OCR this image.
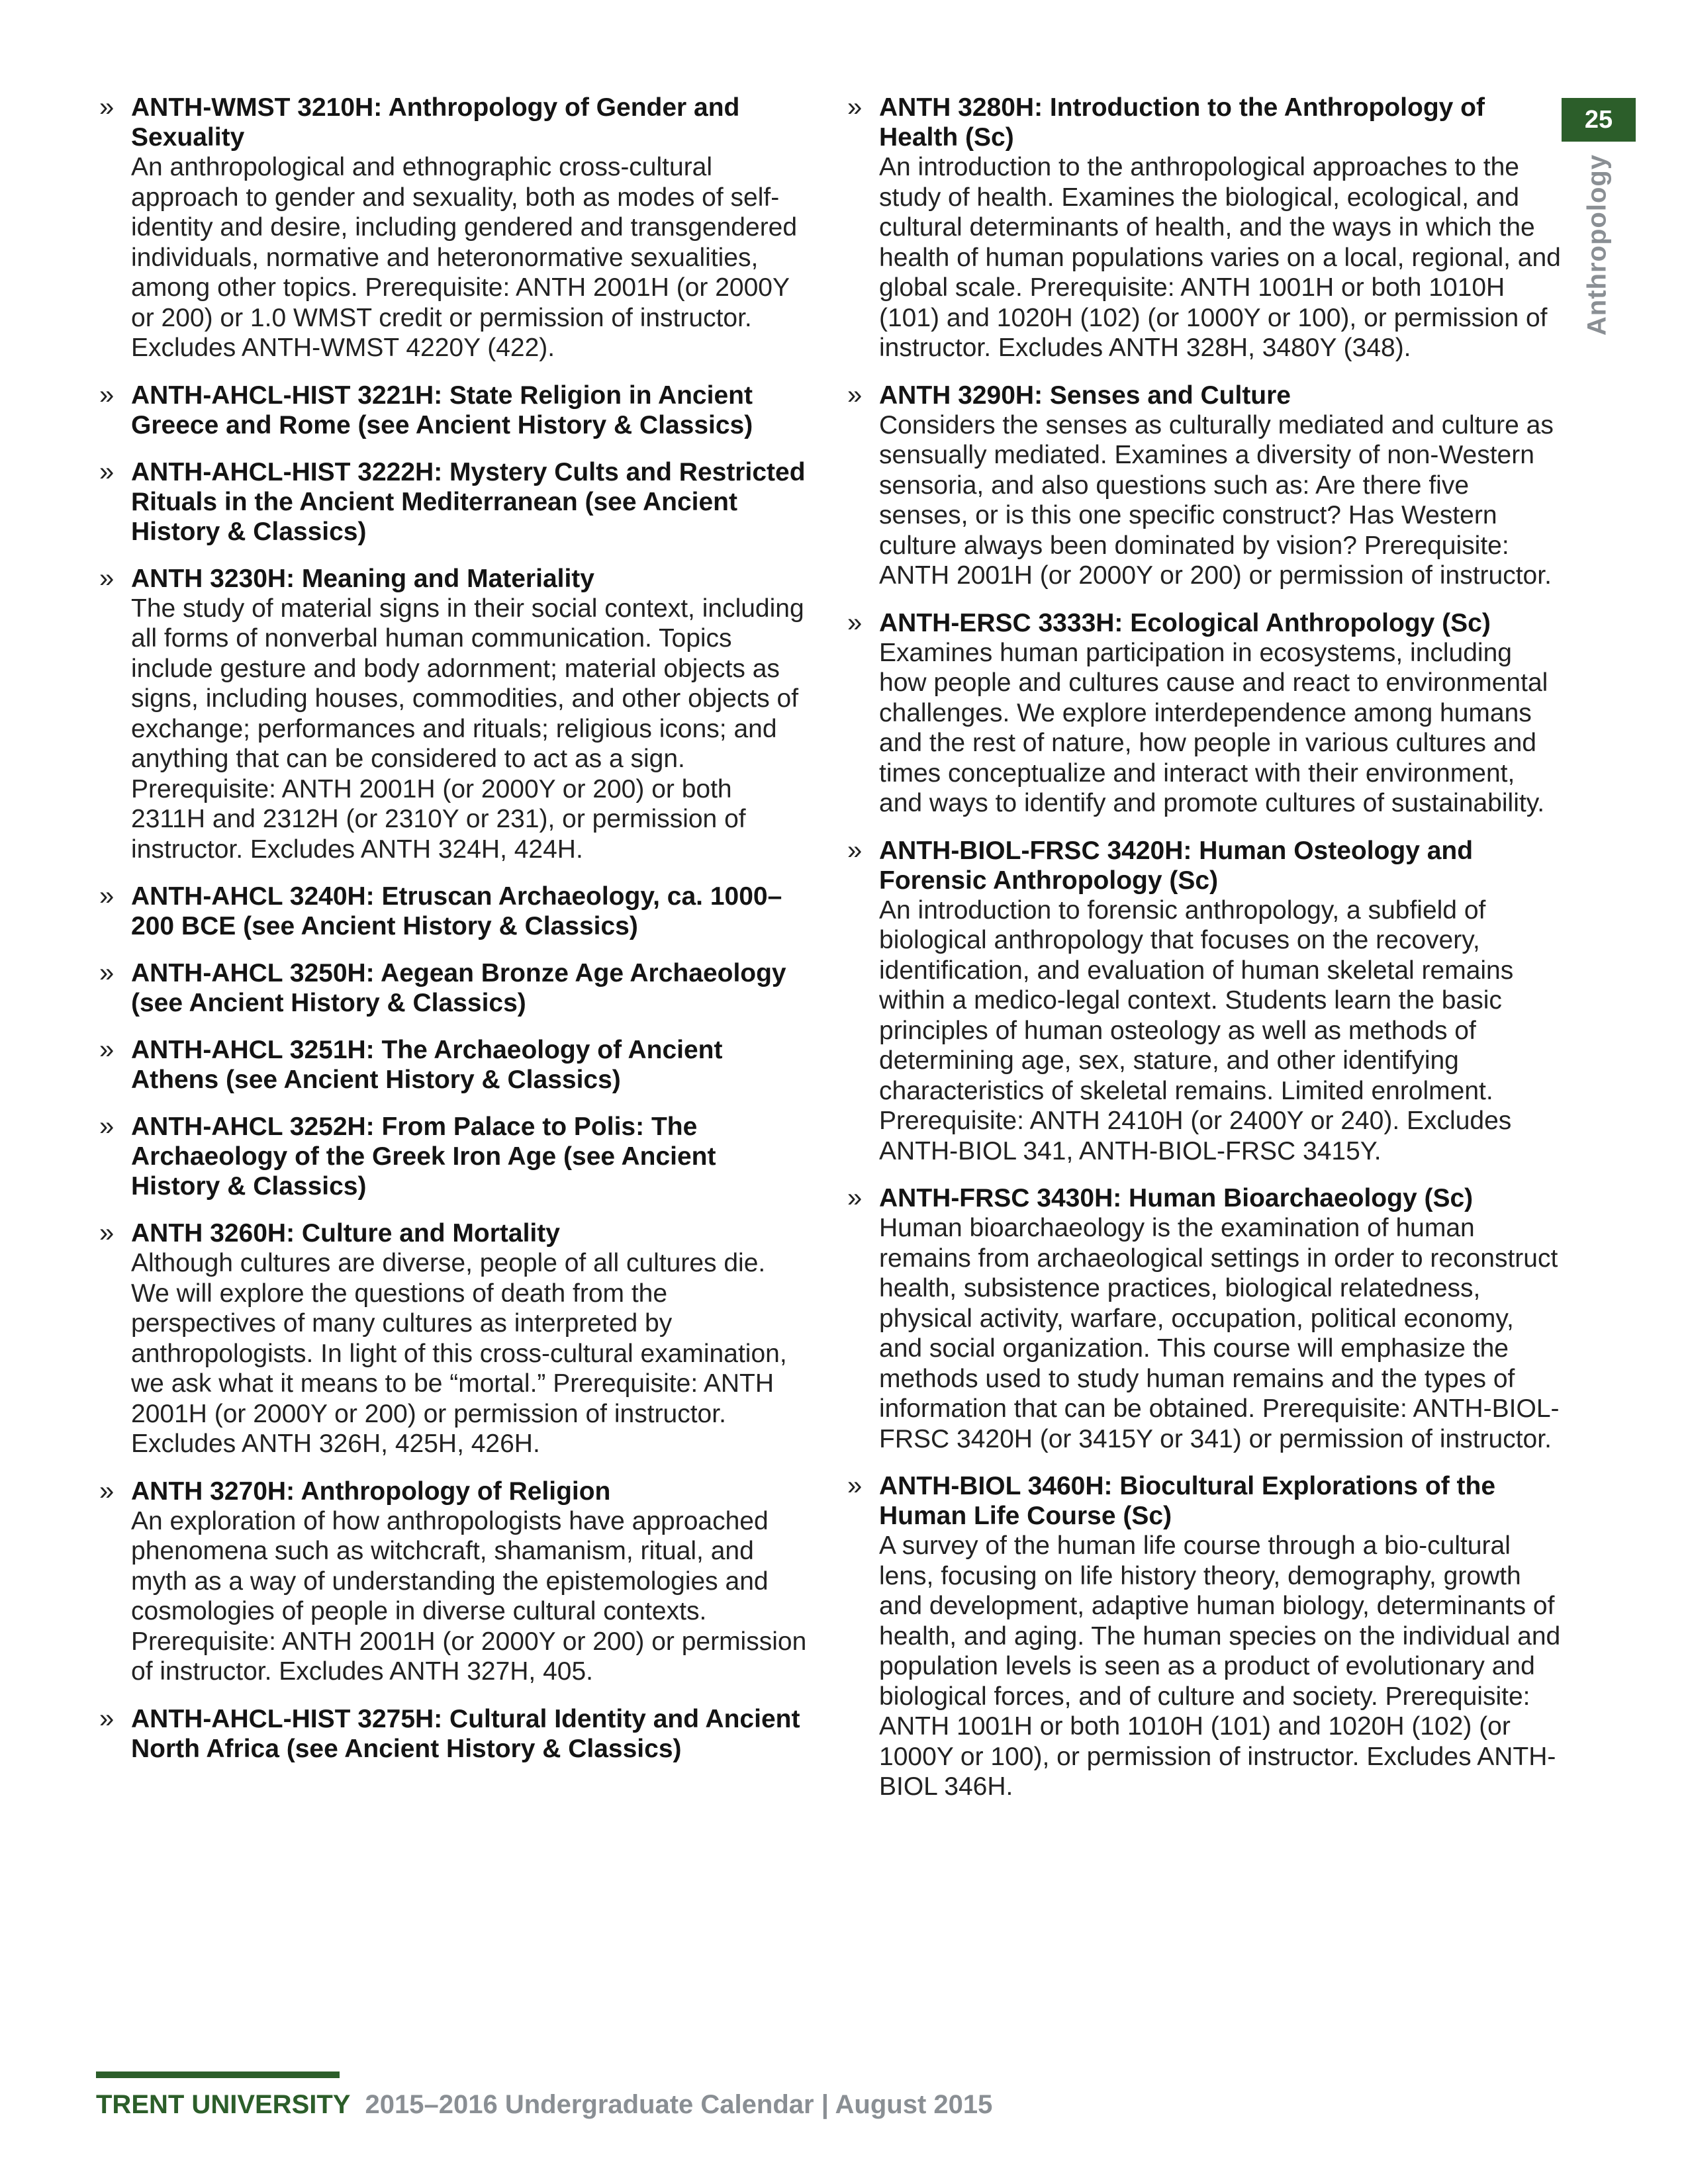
» ANTH-WMST 3210H: Anthropology of Gender and Sexuality
An anthropological and ethnographic cross-cultural approach to gender and sexuality, both as modes of self-identity and desire, including gendered and transgendered individuals, normative and heteronormative sexualities, among other topics. Prerequisite: ANTH 2001H (or 2000Y or 200) or 1.0 WMST credit or permission of instructor. Excludes ANTH-WMST 4220Y (422).
» ANTH-AHCL-HIST 3221H: State Religion in Ancient Greece and Rome (see Ancient History & Classics)
» ANTH-AHCL-HIST 3222H: Mystery Cults and Restricted Rituals in the Ancient Mediterranean (see Ancient History & Classics)
» ANTH 3230H: Meaning and Materiality
The study of material signs in their social context, including all forms of nonverbal human communication. Topics include gesture and body adornment; material objects as signs, including houses, commodities, and other objects of exchange; performances and rituals; religious icons; and anything that can be considered to act as a sign. Prerequisite: ANTH 2001H (or 2000Y or 200) or both 2311H and 2312H (or 2310Y or 231), or permission of instructor. Excludes ANTH 324H, 424H.
» ANTH-AHCL 3240H: Etruscan Archaeology, ca. 1000–200 BCE (see Ancient History & Classics)
» ANTH-AHCL 3250H: Aegean Bronze Age Archaeology (see Ancient History & Classics)
» ANTH-AHCL 3251H: The Archaeology of Ancient Athens (see Ancient History & Classics)
» ANTH-AHCL 3252H: From Palace to Polis: The Archaeology of the Greek Iron Age (see Ancient History & Classics)
» ANTH 3260H: Culture and Mortality
Although cultures are diverse, people of all cultures die. We will explore the questions of death from the perspectives of many cultures as interpreted by anthropologists. In light of this cross-cultural examination, we ask what it means to be “mortal.” Prerequisite: ANTH 2001H (or 2000Y or 200) or permission of instructor. Excludes ANTH 326H, 425H, 426H.
» ANTH 3270H: Anthropology of Religion
An exploration of how anthropologists have approached phenomena such as witchcraft, shamanism, ritual, and myth as a way of understanding the epistemologies and cosmologies of people in diverse cultural contexts. Prerequisite: ANTH 2001H (or 2000Y or 200) or permission of instructor. Excludes ANTH 327H, 405.
» ANTH-AHCL-HIST 3275H: Cultural Identity and Ancient North Africa (see Ancient History & Classics)
» ANTH 3280H: Introduction to the Anthropology of Health (Sc)
An introduction to the anthropological approaches to the study of health. Examines the biological, ecological, and cultural determinants of health, and the ways in which the health of human populations varies on a local, regional, and global scale. Prerequisite: ANTH 1001H or both 1010H (101) and 1020H (102) (or 1000Y or 100), or permission of instructor. Excludes ANTH 328H, 3480Y (348).
» ANTH 3290H: Senses and Culture
Considers the senses as culturally mediated and culture as sensually mediated. Examines a diversity of non-Western sensoria, and also questions such as: Are there five senses, or is this one specific construct? Has Western culture always been dominated by vision? Prerequisite: ANTH 2001H (or 2000Y or 200) or permission of instructor.
» ANTH-ERSC 3333H: Ecological Anthropology (Sc)
Examines human participation in ecosystems, including how people and cultures cause and react to environmental challenges. We explore interdependence among humans and the rest of nature, how people in various cultures and times conceptualize and interact with their environment, and ways to identify and promote cultures of sustainability.
» ANTH-BIOL-FRSC 3420H: Human Osteology and Forensic Anthropology (Sc)
An introduction to forensic anthropology, a subfield of biological anthropology that focuses on the recovery, identification, and evaluation of human skeletal remains within a medico-legal context. Students learn the basic principles of human osteology as well as methods of determining age, sex, stature, and other identifying characteristics of skeletal remains. Limited enrolment. Prerequisite: ANTH 2410H (or 2400Y or 240). Excludes ANTH-BIOL 341, ANTH-BIOL-FRSC 3415Y.
» ANTH-FRSC 3430H: Human Bioarchaeology (Sc)
Human bioarchaeology is the examination of human remains from archaeological settings in order to reconstruct health, subsistence practices, biological relatedness, physical activity, warfare, occupation, political economy, and social organization. This course will emphasize the methods used to study human remains and the types of information that can be obtained. Prerequisite: ANTH-BIOL-FRSC 3420H (or 3415Y or 341) or permission of instructor.
» ANTH-BIOL 3460H: Biocultural Explorations of the Human Life Course (Sc)
A survey of the human life course through a bio-cultural lens, focusing on life history theory, demography, growth and development, adaptive human biology, determinants of health, and aging. The human species on the individual and population levels is seen as a product of evolutionary and biological forces, and of culture and society. Prerequisite: ANTH 1001H or both 1010H (101) and 1020H (102) (or 1000Y or 100), or permission of instructor. Excludes ANTH-BIOL 346H.
25
Anthropology
TRENT UNIVERSITY 2015–2016 Undergraduate Calendar | August 2015
